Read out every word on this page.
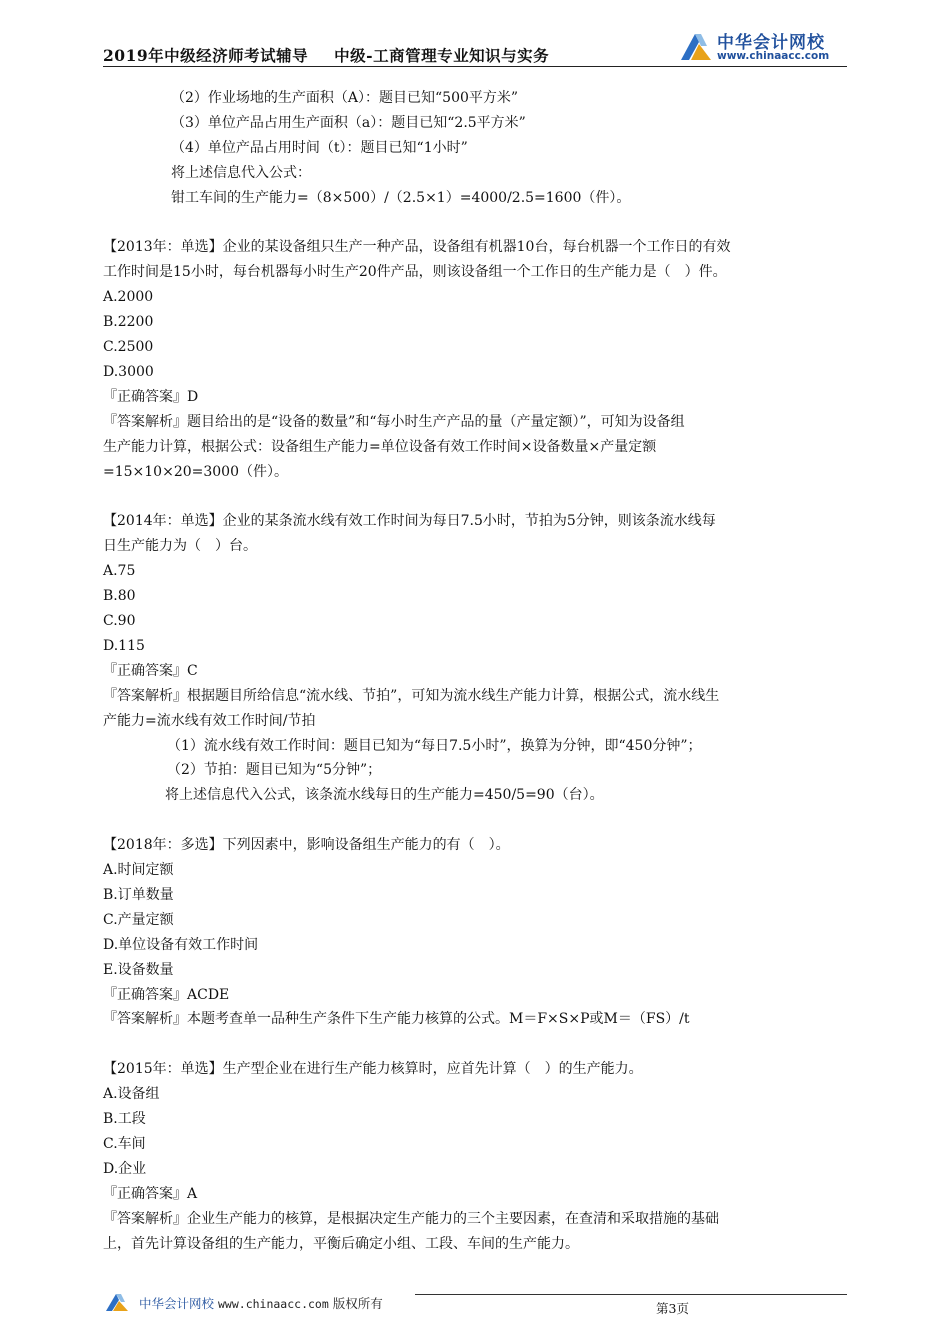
2019年中级经济师考试辅导 中级-工商管理专业知识与实务
中华会计网校
www.chinaacc.com
（2）作业场地的生产面积（A）：题目已知“500平方米”
（3）单位产品占用生产面积（a）：题目已知“2.5平方米”
（4）单位产品占用时间（t）：题目已知“1小时”
将上述信息代入公式：
钳工车间的生产能力=（8×500）/（2.5×1）=4000/2.5=1600（件）。
【2013年：单选】企业的某设备组只生产一种产品，设备组有机器10台，每台机器一个工作日的有效
工作时间是15小时，每台机器每小时生产20件产品，则该设备组一个工作日的生产能力是（　）件。
A.2000
B.2200
C.2500
D.3000
『正确答案』D
『答案解析』题目给出的是“设备的数量”和“每小时生产产品的量（产量定额）”，可知为设备组
生产能力计算，根据公式：设备组生产能力=单位设备有效工作时间×设备数量×产量定额
=15×10×20=3000（件）。
【2014年：单选】企业的某条流水线有效工作时间为每日7.5小时，节拍为5分钟，则该条流水线每
日生产能力为（　）台。
A.75
B.80
C.90
D.115
『正确答案』C
『答案解析』根据题目所给信息“流水线、节拍”，可知为流水线生产能力计算，根据公式，流水线生
产能力=流水线有效工作时间/节拍
（1）流水线有效工作时间：题目已知为“每日7.5小时”，换算为分钟，即“450分钟”；
（2）节拍：题目已知为“5分钟”；
将上述信息代入公式，该条流水线每日的生产能力=450/5=90（台）。
【2018年：多选】下列因素中，影响设备组生产能力的有（　）。
A.时间定额
B.订单数量
C.产量定额
D.单位设备有效工作时间
E.设备数量
『正确答案』ACDE
『答案解析』本题考查单一品种生产条件下生产能力核算的公式。M＝F×S×P或M＝（FS）/t
【2015年：单选】生产型企业在进行生产能力核算时，应首先计算（　）的生产能力。
A.设备组
B.工段
C.车间
D.企业
『正确答案』A
『答案解析』企业生产能力的核算，是根据决定生产能力的三个主要因素，在查清和采取措施的基础
上，首先计算设备组的生产能力，平衡后确定小组、工段、车间的生产能力。
中华会计网校 www.chinaacc.com 版权所有	第3页
